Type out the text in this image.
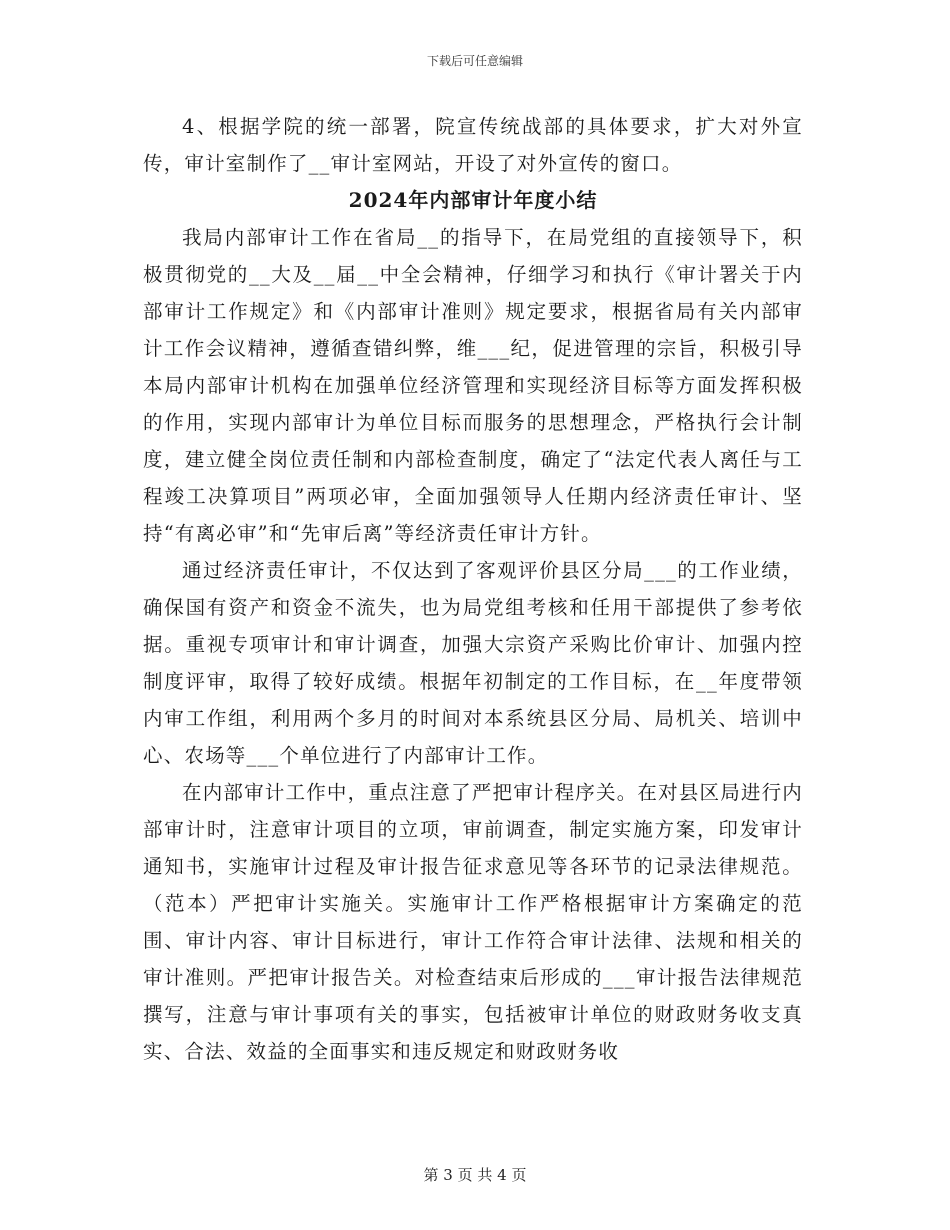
下载后可任意编辑

4、根据学院的统一部署，院宣传统战部的具体要求，扩大对外宣传，审计室制作了__审计室网站，开设了对外宣传的窗口。

2024年内部审计年度小结

我局内部审计工作在省局__的指导下，在局党组的直接领导下，积极贯彻党的__大及__届__中全会精神，仔细学习和执行《审计署关于内部审计工作规定》和《内部审计准则》规定要求，根据省局有关内部审计工作会议精神，遵循查错纠弊，维___纪，促进管理的宗旨，积极引导本局内部审计机构在加强单位经济管理和实现经济目标等方面发挥积极的作用，实现内部审计为单位目标而服务的思想理念，严格执行会计制度，建立健全岗位责任制和内部检查制度，确定了“法定代表人离任与工程竣工决算项目”两项必审，全面加强领导人任期内经济责任审计、坚持“有离必审”和“先审后离”等经济责任审计方针。

通过经济责任审计，不仅达到了客观评价县区分局___的工作业绩，确保国有资产和资金不流失，也为局党组考核和任用干部提供了参考依据。重视专项审计和审计调查，加强大宗资产采购比价审计、加强内控制度评审，取得了较好成绩。根据年初制定的工作目标，在__年度带领内审工作组，利用两个多月的时间对本系统县区分局、局机关、培训中心、农场等___个单位进行了内部审计工作。

在内部审计工作中，重点注意了严把审计程序关。在对县区局进行内部审计时，注意审计项目的立项，审前调查，制定实施方案，印发审计通知书，实施审计过程及审计报告征求意见等各环节的记录法律规范。（范本）严把审计实施关。实施审计工作严格根据审计方案确定的范围、审计内容、审计目标进行，审计工作符合审计法律、法规和相关的审计准则。严把审计报告关。对检查结束后形成的___审计报告法律规范撰写，注意与审计事项有关的事实，包括被审计单位的财政财务收支真实、合法、效益的全面事实和违反规定和财政财务收

第 3 页 共 4 页
